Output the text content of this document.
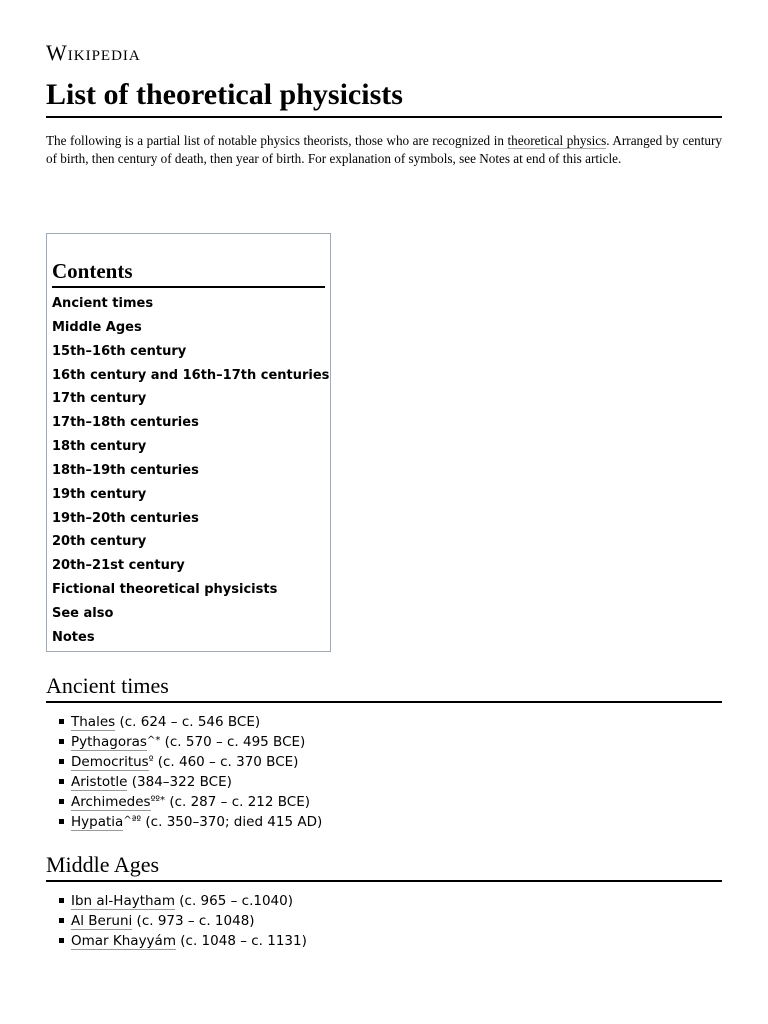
Wikipedia
List of theoretical physicists

The following is a partial list of notable physics theorists, those who are recognized in theoretical physics. Arranged by century of birth, then century of death, then year of birth. For explanation of symbols, see Notes at end of this article.

Contents
Ancient times
Middle Ages
15th–16th century
16th century and 16th–17th centuries
17th century
17th–18th centuries
18th century
18th–19th centuries
19th century
19th–20th centuries
20th century
20th–21st century
Fictional theoretical physicists
See also
Notes
Ancient times
Thales (c. 624 – c. 546 BCE)
Pythagoras^* (c. 570 – c. 495 BCE)
Democritus$^º$ (c. 460 – c. 370 BCE)
Aristotle (384–322 BCE)
Archimedes$^{ºº*}$ (c. 287 – c. 212 BCE)
Hypatia$^{\^{}ªº}$ (c. 350–370; died 415 AD)
Middle Ages
Ibn al-Haytham (c. 965 – c.1040)
Al Beruni (c. 973 – c. 1048)
Omar Khayyám (c. 1048 – c. 1131)
